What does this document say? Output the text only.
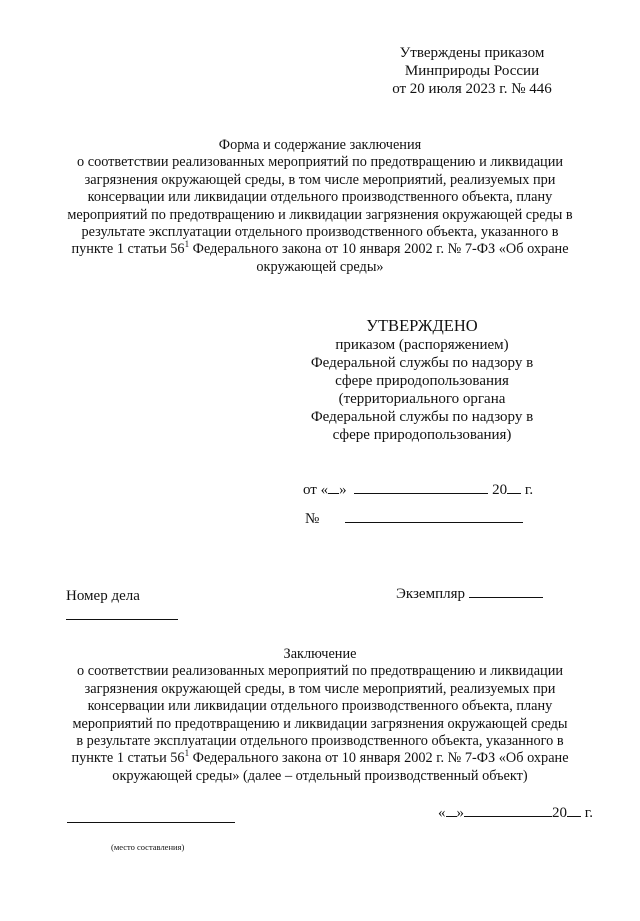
Утверждены приказом
Минприроды России
от 20 июля 2023 г. № 446
Форма и содержание заключения
о соответствии реализованных мероприятий по предотвращению и ликвидации
загрязнения окружающей среды, в том числе мероприятий, реализуемых при
консервации или ликвидации отдельного производственного объекта, плану
мероприятий по предотвращению и ликвидации загрязнения окружающей среды в
результате эксплуатации отдельного производственного объекта, указанного в
пункте 1 статьи $56^1$ Федерального закона от 10 января 2002 г. № 7-ФЗ «Об охране
окружающей среды»
УТВЕРЖДЕНО
приказом (распоряжением)
Федеральной службы по надзору в
сфере природопользования
(территориального органа
Федеральной службы по надзору в
сфере природопользования)
от « »	20 г.
№
Номер дела	Экземпляр
Заключение
о соответствии реализованных мероприятий по предотвращению и ликвидации
загрязнения окружающей среды, в том числе мероприятий, реализуемых при
консервации или ликвидации отдельного производственного объекта, плану
мероприятий по предотвращению и ликвидации загрязнения окружающей среды
в результате эксплуатации отдельного производственного объекта, указанного в
пункте 1 статьи $56^1$ Федерального закона от 10 января 2002 г. № 7-ФЗ «Об охране
окружающей среды» (далее – отдельный производственный объект)
« »	20 г.
(место составления)
